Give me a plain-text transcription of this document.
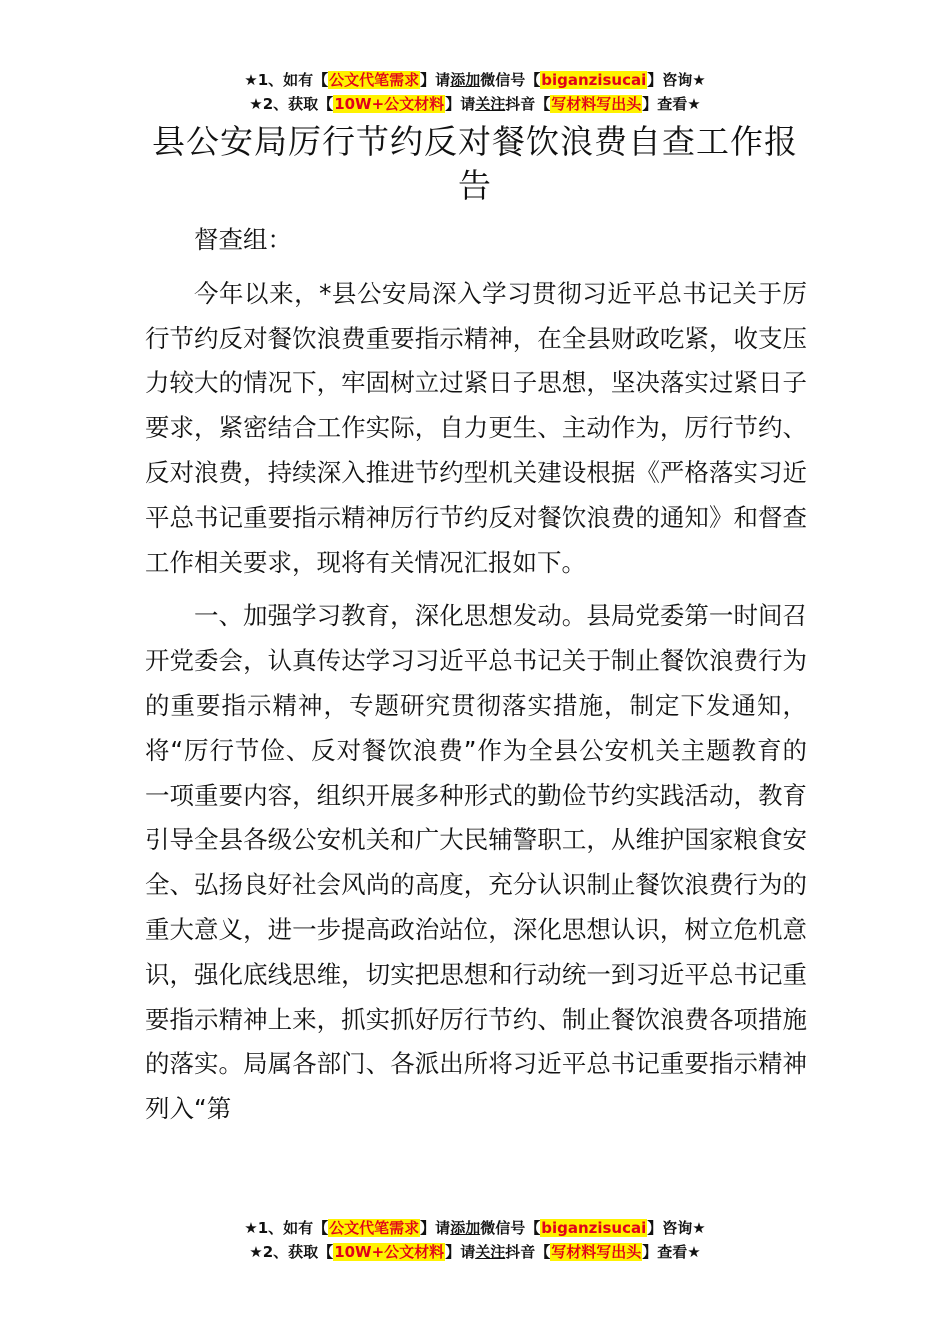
★1、如有【公文代笔需求】请添加微信号【biganzisucai】咨询★
★2、获取【10W+公文材料】请关注抖音【写材料写出头】查看★
县公安局厉行节约反对餐饮浪费自查工作报告

督查组：

今年以来，*县公安局深入学习贯彻习近平总书记关于厉行节约反对餐饮浪费重要指示精神，在全县财政吃紧，收支压力较大的情况下，牢固树立过紧日子思想，坚决落实过紧日子要求，紧密结合工作实际，自力更生、主动作为，厉行节约、反对浪费，持续深入推进节约型机关建设根据《严格落实习近平总书记重要指示精神厉行节约反对餐饮浪费的通知》和督查工作相关要求，现将有关情况汇报如下。

一、加强学习教育，深化思想发动。县局党委第一时间召开党委会，认真传达学习习近平总书记关于制止餐饮浪费行为的重要指示精神，专题研究贯彻落实措施，制定下发通知，将“厉行节俭、反对餐饮浪费”作为全县公安机关主题教育的一项重要内容，组织开展多种形式的勤俭节约实践活动，教育引导全县各级公安机关和广大民辅警职工，从维护国家粮食安全、弘扬良好社会风尚的高度，充分认识制止餐饮浪费行为的重大意义，进一步提高政治站位，深化思想认识，树立危机意识，强化底线思维，切实把思想和行动统一到习近平总书记重要指示精神上来，抓实抓好厉行节约、制止餐饮浪费各项措施的落实。局属各部门、各派出所将习近平总书记重要指示精神列入“第

★1、如有【公文代笔需求】请添加微信号【biganzisucai】咨询★
★2、获取【10W+公文材料】请关注抖音【写材料写出头】查看★
